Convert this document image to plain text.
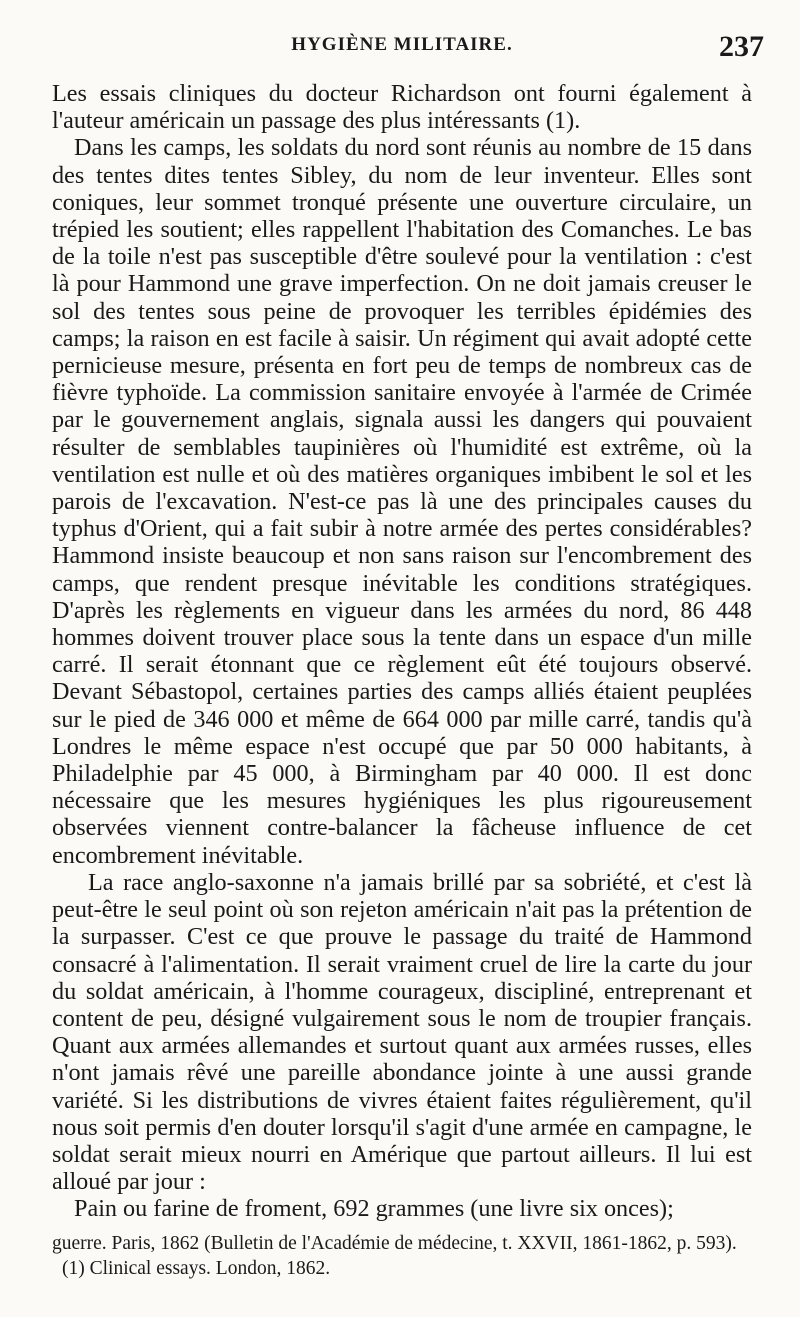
HYGIÈNE MILITAIRE.	237

Les essais cliniques du docteur Richardson ont fourni également à l'auteur américain un passage des plus intéressants (1).

Dans les camps, les soldats du nord sont réunis au nombre de 15 dans des tentes dites tentes Sibley, du nom de leur inventeur. Elles sont coniques, leur sommet tronqué présente une ouverture circulaire, un trépied les soutient; elles rappellent l'habitation des Comanches. Le bas de la toile n'est pas susceptible d'être soulevé pour la ventilation : c'est là pour Hammond une grave imperfection. On ne doit jamais creuser le sol des tentes sous peine de provoquer les terribles épidémies des camps; la raison en est facile à saisir. Un régiment qui avait adopté cette pernicieuse mesure, présenta en fort peu de temps de nombreux cas de fièvre typhoïde. La commission sanitaire envoyée à l'armée de Crimée par le gouvernement anglais, signala aussi les dangers qui pouvaient résulter de semblables taupinières où l'humidité est extrême, où la ventilation est nulle et où des matières organiques imbibent le sol et les parois de l'excavation. N'est-ce pas là une des principales causes du typhus d'Orient, qui a fait subir à notre armée des pertes considérables? Hammond insiste beaucoup et non sans raison sur l'encombrement des camps, que rendent presque inévitable les conditions stratégiques. D'après les règlements en vigueur dans les armées du nord, 86 448 hommes doivent trouver place sous la tente dans un espace d'un mille carré. Il serait étonnant que ce règlement eût été toujours observé. Devant Sébastopol, certaines parties des camps alliés étaient peuplées sur le pied de 346 000 et même de 664 000 par mille carré, tandis qu'à Londres le même espace n'est occupé que par 50 000 habitants, à Philadelphie par 45 000, à Birmingham par 40 000. Il est donc nécessaire que les mesures hygiéniques les plus rigoureusement observées viennent contre-balancer la fâcheuse influence de cet encombrement inévitable.

La race anglo-saxonne n'a jamais brillé par sa sobriété, et c'est là peut-être le seul point où son rejeton américain n'ait pas la prétention de la surpasser. C'est ce que prouve le passage du traité de Hammond consacré à l'alimentation. Il serait vraiment cruel de lire la carte du jour du soldat américain, à l'homme courageux, discipliné, entreprenant et content de peu, désigné vulgairement sous le nom de troupier français. Quant aux armées allemandes et surtout quant aux armées russes, elles n'ont jamais rêvé une pareille abondance jointe à une aussi grande variété. Si les distributions de vivres étaient faites régulièrement, qu'il nous soit permis d'en douter lorsqu'il s'agit d'une armée en campagne, le soldat serait mieux nourri en Amérique que partout ailleurs. Il lui est alloué par jour :

Pain ou farine de froment, 692 grammes (une livre six onces);

guerre. Paris, 1862 (Bulletin de l'Académie de médecine, t. XXVII, 1861-1862, p. 593).

(1) Clinical essays. London, 1862.
